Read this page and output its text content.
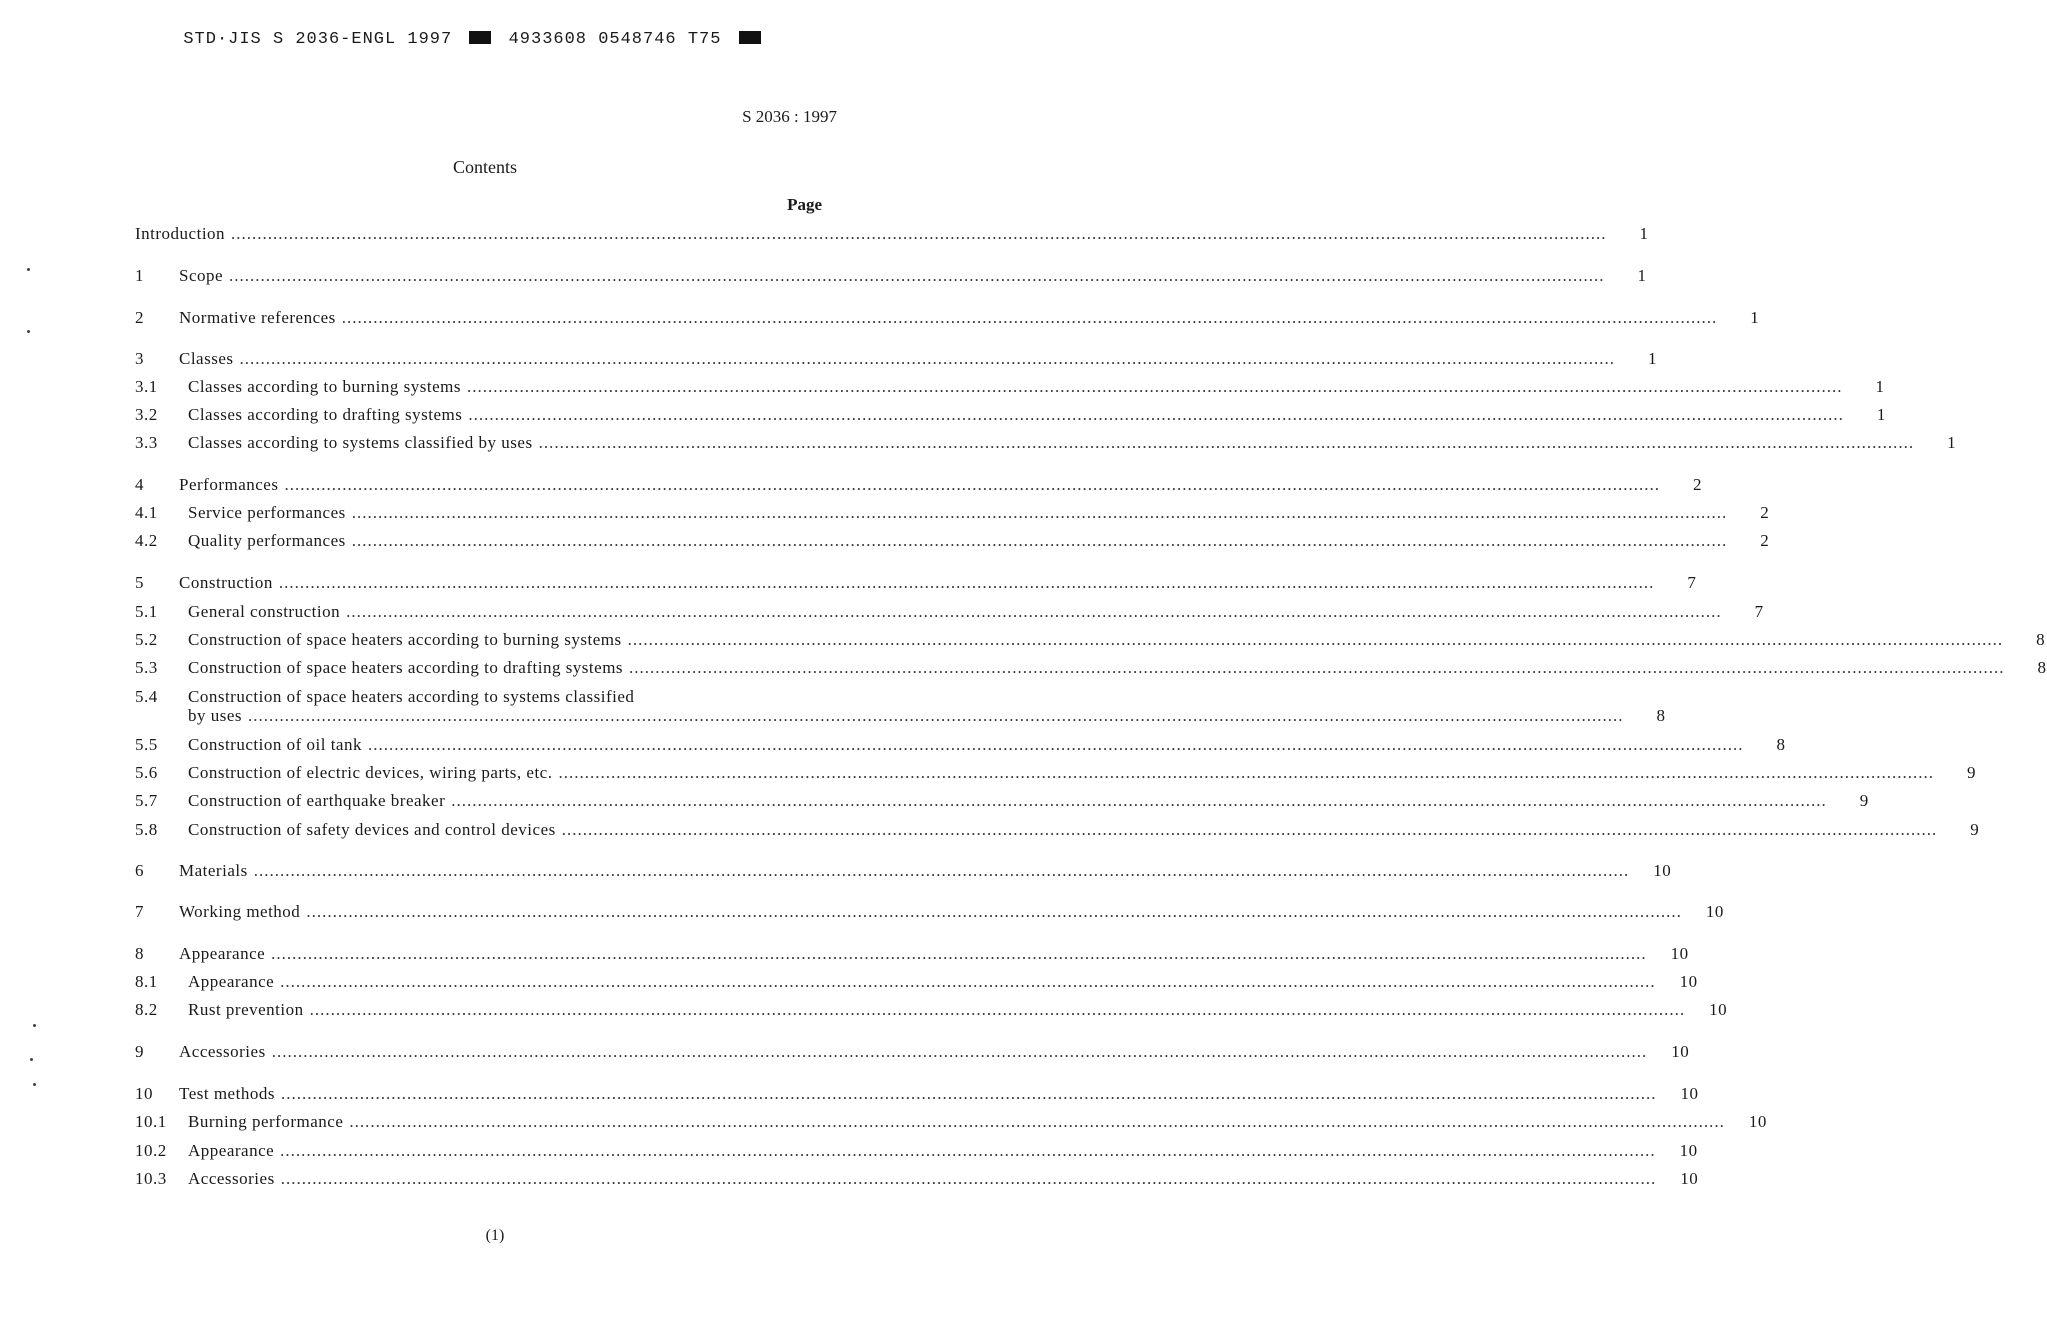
STD·JIS S 2036-ENGL 1997	4933608 0548746 T75
S 2036 : 1997
Contents
Page
Introduction .....	1
1	Scope .....	1
2	Normative references .....	1
3	Classes .....	1
3.1	Classes according to burning systems .....	1
3.2	Classes according to drafting systems .....	1
3.3	Classes according to systems classified by uses .....	1
4	Performances .....	2
4.1	Service performances .....	2
4.2	Quality performances .....	2
5	Construction .....	7
5.1	General construction .....	7
5.2	Construction of space heaters according to burning systems .....	8
5.3	Construction of space heaters according to drafting systems .....	8
5.4	Construction of space heaters according to systems classified
by uses .....	8
5.5	Construction of oil tank .....	8
5.6	Construction of electric devices, wiring parts, etc. .....	9
5.7	Construction of earthquake breaker .....	9
5.8	Construction of safety devices and control devices .....	9
6	Materials .....	10
7	Working method .....	10
8	Appearance .....	10
8.1	Appearance .....	10
8.2	Rust prevention .....	10
9	Accessories .....	10
10	Test methods .....	10
10.1	Burning performance .....	10
10.2	Appearance .....	10
10.3	Accessories .....	10
(1)
